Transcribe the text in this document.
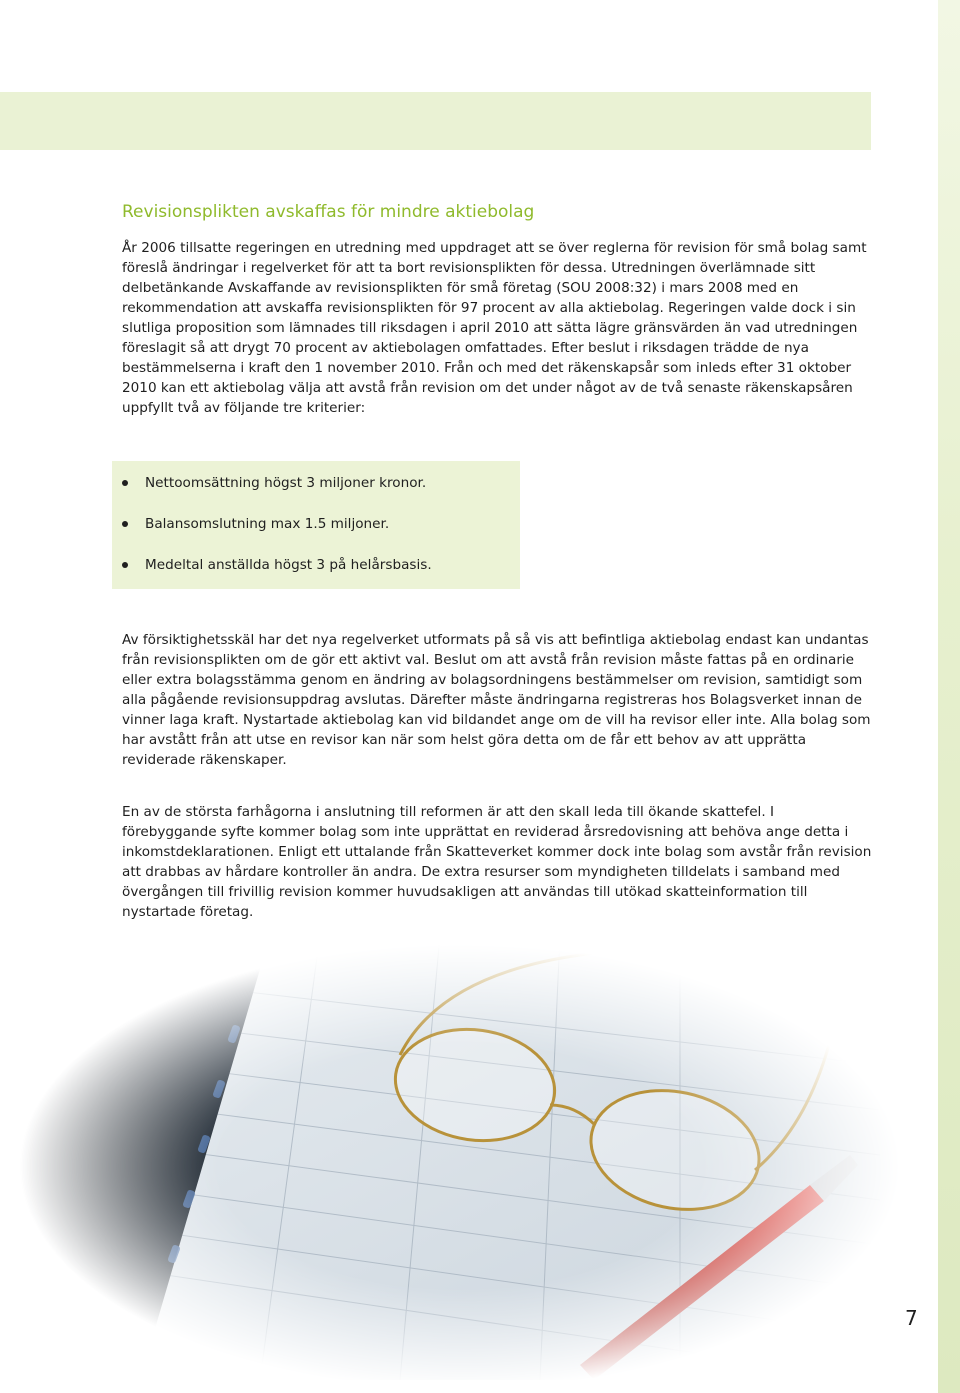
Revisionsplikten avskaffas för mindre aktiebolag

År 2006 tillsatte regeringen en utredning med uppdraget att se över reglerna för revision för små bolag samt föreslå ändringar i regelverket för att ta bort revisionsplikten för dessa. Utredningen överlämnade sitt delbetänkande Avskaffande av revisionsplikten för små företag (SOU 2008:32) i mars 2008 med en rekommendation att avskaffa revisionsplikten för 97 procent av alla aktiebolag. Regeringen valde dock i sin slutliga proposition som lämnades till riksdagen i april 2010 att sätta lägre gränsvärden än vad utredningen föreslagit så att drygt 70 procent av aktiebolagen omfattades. Efter beslut i riksdagen trädde de nya bestämmelserna i kraft den 1 november 2010. Från och med det räkenskapsår som inleds efter 31 oktober 2010 kan ett aktiebolag välja att avstå från revision om det under något av de två senaste räkenskapsåren uppfyllt två av följande tre kriterier:

Nettoomsättning högst 3 miljoner kronor.
Balansomslutning max 1.5 miljoner.
Medeltal anställda högst 3 på helårsbasis.

Av försiktighetsskäl har det nya regelverket utformats på så vis att befintliga aktiebolag endast kan undantas från revisionsplikten om de gör ett aktivt val. Beslut om att avstå från revision måste fattas på en ordinarie eller extra bolagsstämma genom en ändring av bolagsordningens bestämmelser om revision, samtidigt som alla pågående revisionsuppdrag avslutas. Därefter måste ändringarna registreras hos Bolagsverket innan de vinner laga kraft. Nystartade aktiebolag kan vid bildandet ange om de vill ha revisor eller inte. Alla bolag som har avstått från att utse en revisor kan när som helst göra detta om de får ett behov av att upprätta reviderade räkenskaper.

En av de största farhågorna i anslutning till reformen är att den skall leda till ökande skattefel. I förebyggande syfte kommer bolag som inte upprättat en reviderad årsredovisning att behöva ange detta i inkomstdeklarationen. Enligt ett uttalande från Skatteverket kommer dock inte bolag som avstår från revision att drabbas av hårdare kontroller än andra. De extra resurser som myndigheten tilldelats i samband med övergången till frivillig revision kommer huvudsakligen att användas till utökad skatteinformation till nystartade företag.

7
